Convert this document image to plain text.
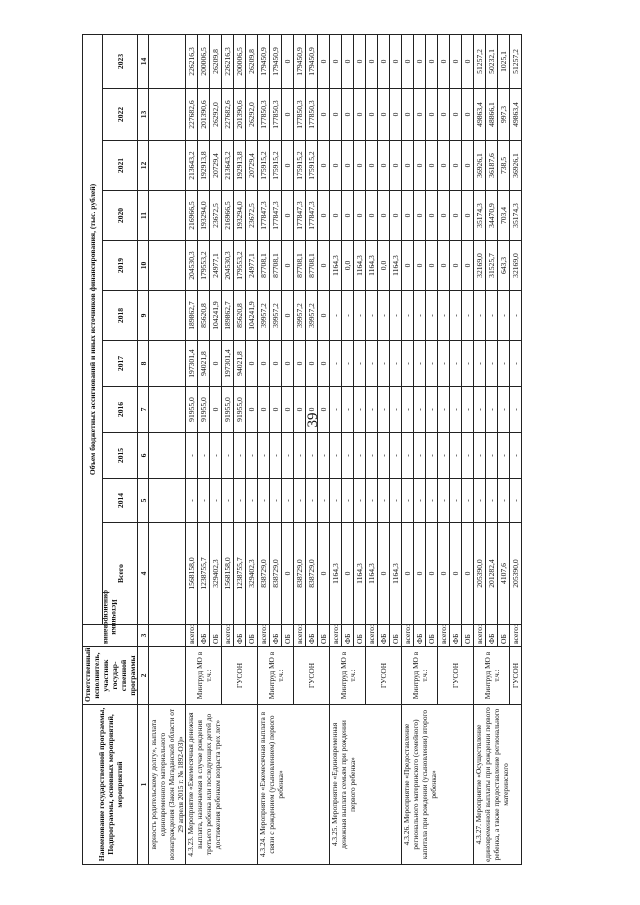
39
Наименование государственной программы, Подпрограммы, основных мероприятий, мероприятий	Ответственный исполнитель, участник государ-ственной программы	Источники финансирования	Объем бюджетных ассигнований и иных источников финансирования, (тыс. рублей)										
			Всего	2014	2015	2016	2017	2018	2019	2020	2021	2022	2023
1	2	3	4	5	6	7	8	9	10	11	12	13	14
верность родительскому долгу», выплата единовременного материального вознаграждения (Закон Магаданской области от 29 апреля 2015 г. № 1892-ОЗ)»													
4.3.23. Мероприятие «Ежемесячная денежная выплата, назначаемая в случае рождения третьего ребенка или последующих детей до достижения ребенком возраста трех лет»	Минтруд МО в т.ч.:	всего:	1568158,0	-	-	91955,0	197301,4	189862,7	204530,3	216966,5	213643,2	227682,6	226216,3
		ФБ	1238755,7	-	-	91955,0	94021,8	85620,8	179553,2	193294,0	192913,8	201390,6	200006,5
		ОБ	329402,3	-	-	0	0	104241,9	24977,1	23672,5	20729,4	26292,0	26209,8
	ГУСОН	всего:	1568158,0	-	-	91955,0	197301,4	189862,7	204530,3	216966,5	213643,2	227682,6	226216,3
		ФБ	1238755,7	-	-	91955,0	94021,8	85620,8	179553,2	193294,0	192913,8	201390,6	200006,5
		ОБ	329402,3	-	-	0	0	104241,9	24977,1	23672,5	20729,4	26292,0	26209,8
4.3.24. Мероприятие «Ежемесячная выплата в связи с рождением (усыновлением) первого ребенка»	Минтруд МО в т.ч.:	всего:	838729,0	-	-	0	0	39957,2	87708,1	177847,3	175915,2	177850,3	179450,9
		ФБ	838729,0	-	-	0	0	39957,2	87708,1	177847,3	175915,2	177850,3	179450,9
		ОБ	0	-	-	0	0	0	0	0	0	0	0
	ГУСОН	всего:	838729,0	-	-	0	0	39957,2	87708,1	177847,3	175915,2	177850,3	179450,9
		ФБ	838729,0	-	-	0	0	39957,2	87708,1	177847,3	175915,2	177850,3	179450,9
		ОБ	0	-	-	0	0	0	0	0	0	0	0
4.3.25. Мероприятие «Единовременная денежная выплата семьям при рождении первого ребенка»	Минтруд МО в т.ч.:	всего:	1164,3	-	-	-	-	-	1164,3	0	0	0	0
		ФБ	0	-	-	-	-	-	0,0	0	0	0	0
		ОБ	1164,3	-	-	-	-	-	1164,3	0	0	0	0
	ГУСОН	всего:	1164,3	-	-	-	-	-	1164,3	0	0	0	0
		ФБ	0	-	-	-	-	-	0,0	0	0	0	0
		ОБ	1164,3	-	-	-	-	-	1164,3	0	0	0	0
4.3.26. Мероприятие «Предоставление регионального материнского (семейного) капитала при рождении (усыновлении) второго ребенка»	Минтруд МО в т.ч.:	всего:	0	-	-	-	-	-	0	0	0	0	0
		ФБ	0	-	-	-	-	-	0	0	0	0	0
		ОБ	0	-	-	-	-	-	0	0	0	0	0
	ГУСОН	всего:	0	-	-	-	-	-	0	0	0	0	0
		ФБ	0	-	-	-	-	-	0	0	0	0	0
		ОБ	0	-	-	-	-	-	0	0	0	0	0
4.3.27. Мероприятие «Осуществление единовременной выплаты при рождении первого ребенка, а также предоставление регионального материнского	Минтруд МО в т.ч.:	всего:	205390,0	-	-	-	-	-	32169,0	35174,3	36926,1	49863,4	51257,2
		ФБ	201282,4	-	-	-	-	-	31525,7	34470,9	36187,6	48866,1	50232,1
		ОБ	4107,6	-	-	-	-	-	643,3	703,4	738,5	997,3	1025,1
	ГУСОН	всего:	205390,0	-	-	-	-	-	32169,0	35174,3	36926,1	49863,4	51257,2
